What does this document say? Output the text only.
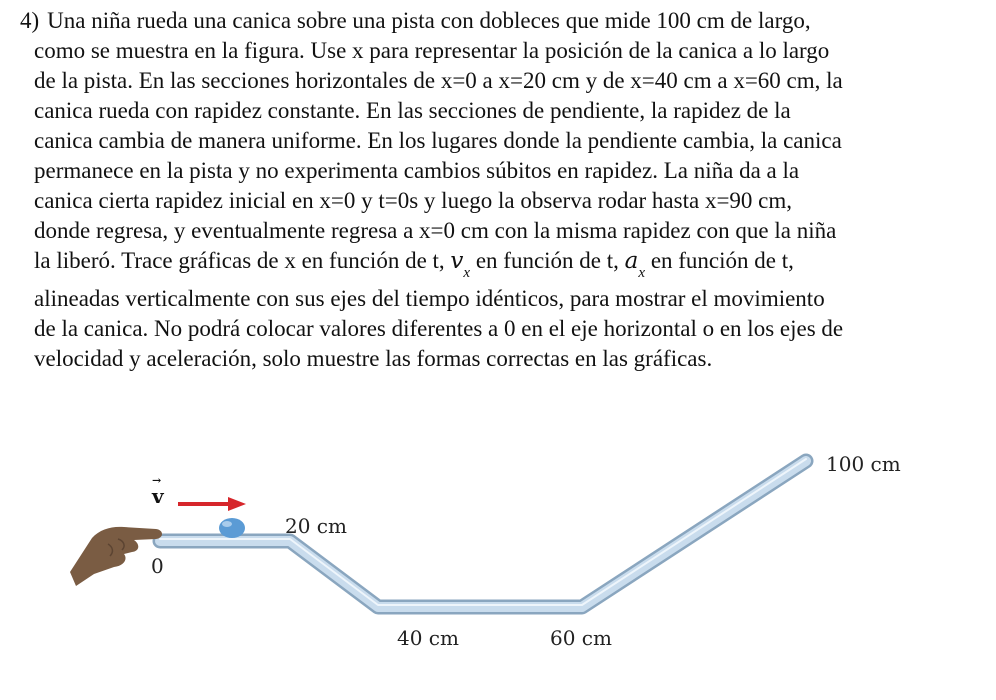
4) Una niña rueda una canica sobre una pista con dobleces que mide 100 cm de largo,
como se muestra en la figura. Use x para representar la posición de la canica a lo largo
de la pista. En las secciones horizontales de x=0 a x=20 cm y de x=40 cm a x=60 cm, la
canica rueda con rapidez constante. En las secciones de pendiente, la rapidez de la
canica cambia de manera uniforme. En los lugares donde la pendiente cambia, la canica
permanece en la pista y no experimenta cambios súbitos en rapidez. La niña da a la
canica cierta rapidez inicial en x=0 y t=0s y luego la observa rodar hasta x=90 cm,
donde regresa, y eventualmente regresa a x=0 cm con la misma rapidez con que la niña
la liberó. Trace gráficas de x en función de t, $v_x$ en función de t, $a_x$ en función de t,
alineadas verticalmente con sus ejes del tiempo idénticos, para mostrar el movimiento
de la canica. No podrá colocar valores diferentes a 0 en el eje horizontal o en los ejes de
velocidad y aceleración, solo muestre las formas correctas en las gráficas.
v
→
0
20 cm
40 cm	60 cm
100 cm
